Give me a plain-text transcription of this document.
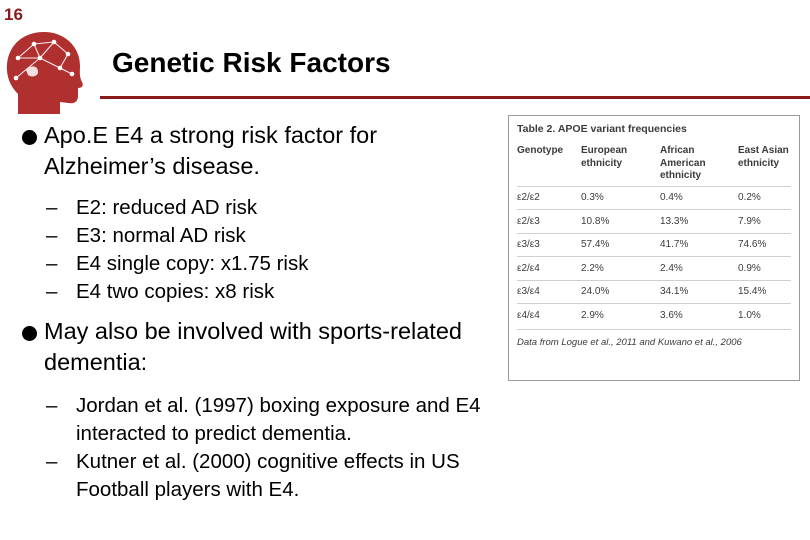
16
Genetic Risk Factors
Apo.E E4 a strong risk factor for Alzheimer’s disease.
– E2: reduced AD risk
– E3: normal AD risk
– E4 single copy: x1.75 risk
– E4 two copies: x8 risk
May also be involved with sports-related dementia:
– Jordan et al. (1997) boxing exposure and E4 interacted to predict dementia.
– Kutner et al. (2000) cognitive effects in US Football players with E4.
Table 2. APOE variant frequencies
Genotype	European ethnicity	African American ethnicity	East Asian ethnicity
ε2/ε2	0.3%	0.4%	0.2%
ε2/ε3	10.8%	13.3%	7.9%
ε3/ε3	57.4%	41.7%	74.6%
ε2/ε4	2.2%	2.4%	0.9%
ε3/ε4	24.0%	34.1%	15.4%
ε4/ε4	2.9%	3.6%	1.0%
Data from Logue et al., 2011 and Kuwano et al., 2006
